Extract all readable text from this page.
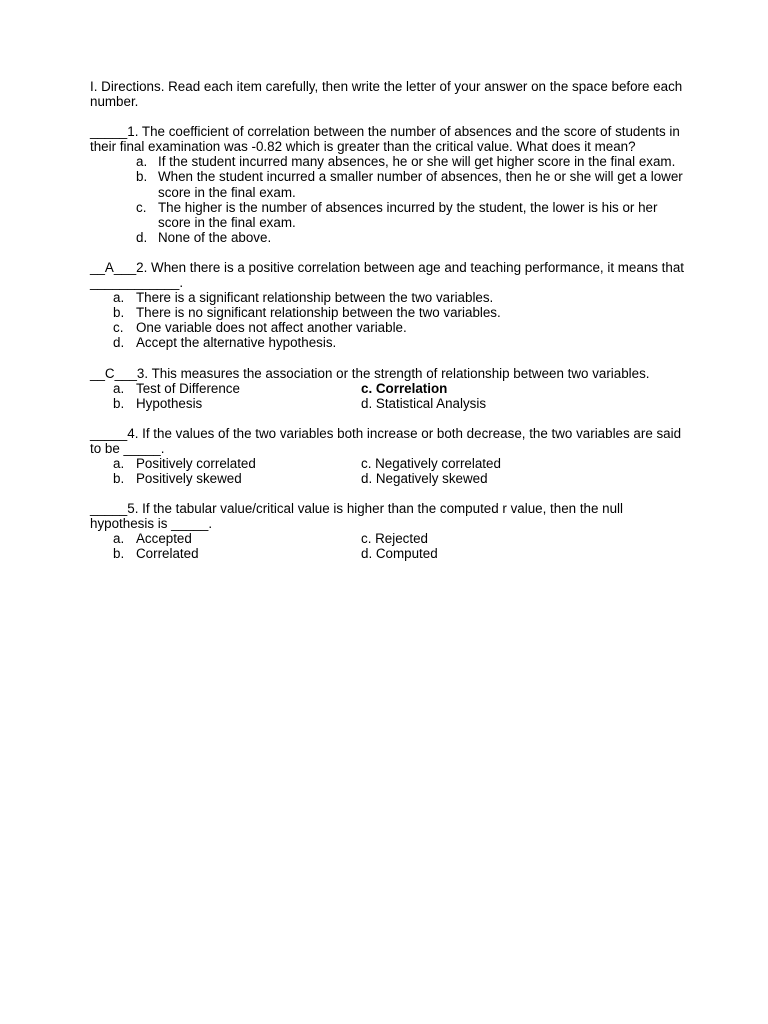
I. Directions. Read each item carefully, then write the letter of your answer on the space before each number.

_____1. The coefficient of correlation between the number of absences and the score of students in their final examination was -0.82 which is greater than the critical value. What does it mean?

a. If the student incurred many absences, he or she will get higher score in the final exam.
b. When the student incurred a smaller number of absences, then he or she will get a lower score in the final exam.
c. The higher is the number of absences incurred by the student, the lower is his or her score in the final exam.
d. None of the above.

__A___2. When there is a positive correlation between age and teaching performance, it means that ____________.

a. There is a significant relationship between the two variables.
b. There is no significant relationship between the two variables.
c. One variable does not affect another variable.
d. Accept the alternative hypothesis.

__C___3. This measures the association or the strength of relationship between two variables.

a. Test of Difference	c. Correlation
b. Hypothesis	d. Statistical Analysis

_____4. If the values of the two variables both increase or both decrease, the two variables are said to be _____.

a. Positively correlated	c. Negatively correlated
b. Positively skewed	d. Negatively skewed

_____5. If the tabular value/critical value is higher than the computed r value, then the null hypothesis is _____.

a. Accepted	c. Rejected
b. Correlated	d. Computed
